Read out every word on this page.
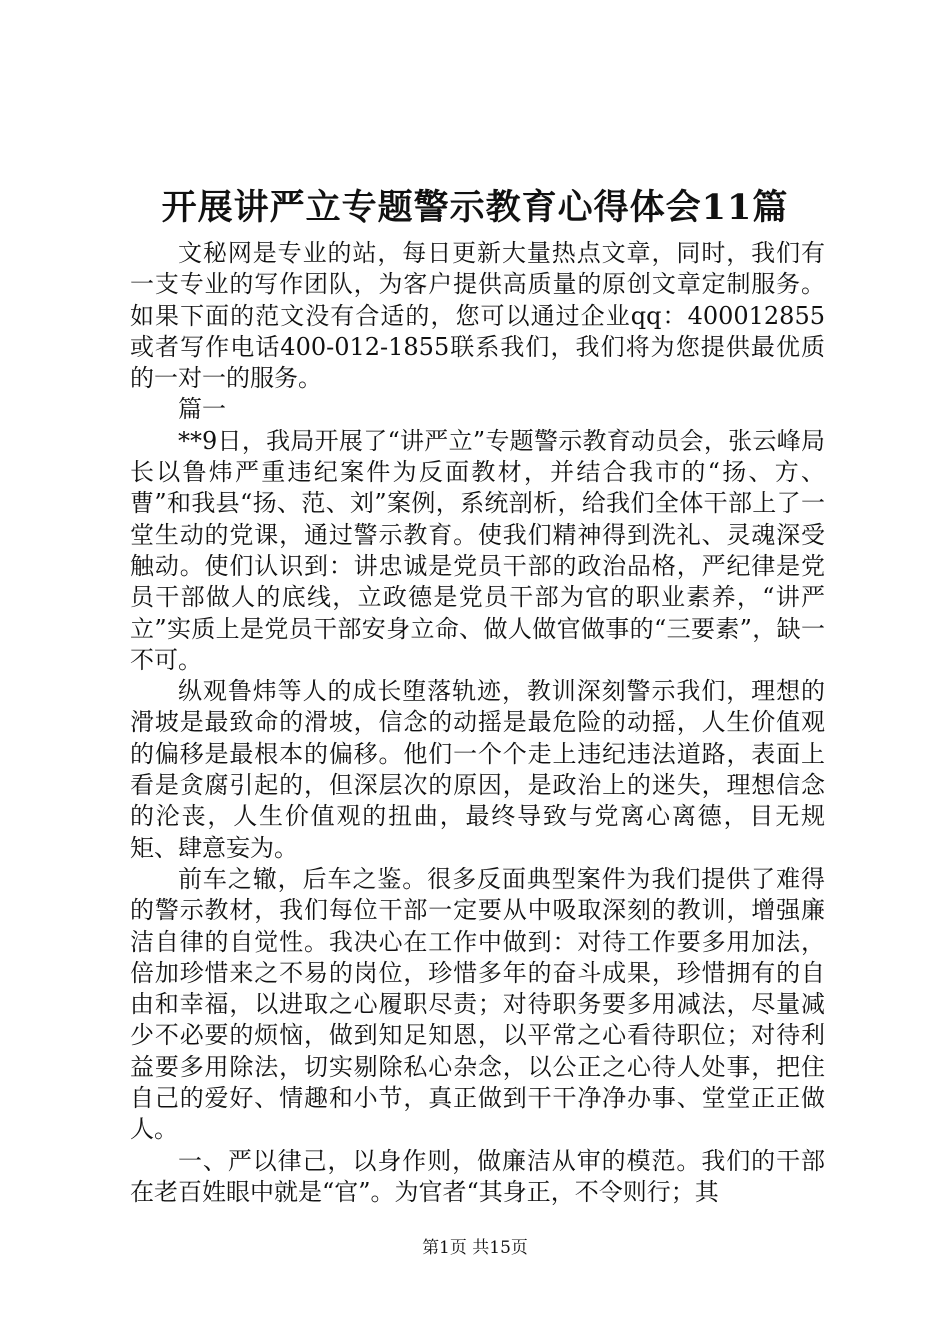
开展讲严立专题警示教育心得体会11篇

文秘网是专业的站，每日更新大量热点文章，同时，我们有一支专业的写作团队，为客户提供高质量的原创文章定制服务。如果下面的范文没有合适的，您可以通过企业qq：400012855或者写作电话400-012-1855联系我们，我们将为您提供最优质的一对一的服务。

篇一

**9日，我局开展了“讲严立”专题警示教育动员会，张云峰局长以鲁炜严重违纪案件为反面教材，并结合我市的“扬、方、曹”和我县“扬、范、刘”案例，系统剖析，给我们全体干部上了一堂生动的党课，通过警示教育。使我们精神得到洗礼、灵魂深受触动。使们认识到：讲忠诚是党员干部的政治品格，严纪律是党员干部做人的底线，立政德是党员干部为官的职业素养，“讲严立”实质上是党员干部安身立命、做人做官做事的“三要素”，缺一不可。

纵观鲁炜等人的成长堕落轨迹，教训深刻警示我们，理想的滑坡是最致命的滑坡，信念的动摇是最危险的动摇，人生价值观的偏移是最根本的偏移。他们一个个走上违纪违法道路，表面上看是贪腐引起的，但深层次的原因，是政治上的迷失，理想信念的沦丧，人生价值观的扭曲，最终导致与党离心离德，目无规矩、肆意妄为。

前车之辙，后车之鉴。很多反面典型案件为我们提供了难得的警示教材，我们每位干部一定要从中吸取深刻的教训，增强廉洁自律的自觉性。我决心在工作中做到：对待工作要多用加法，倍加珍惜来之不易的岗位，珍惜多年的奋斗成果，珍惜拥有的自由和幸福，以进取之心履职尽责；对待职务要多用减法，尽量减少不必要的烦恼，做到知足知恩，以平常之心看待职位；对待利益要多用除法，切实剔除私心杂念，以公正之心待人处事，把住自己的爱好、情趣和小节，真正做到干干净净办事、堂堂正正做人。

一、严以律己，以身作则，做廉洁从审的模范。我们的干部在老百姓眼中就是“官”。为官者“其身正，不令则行；其

第1页 共15页
